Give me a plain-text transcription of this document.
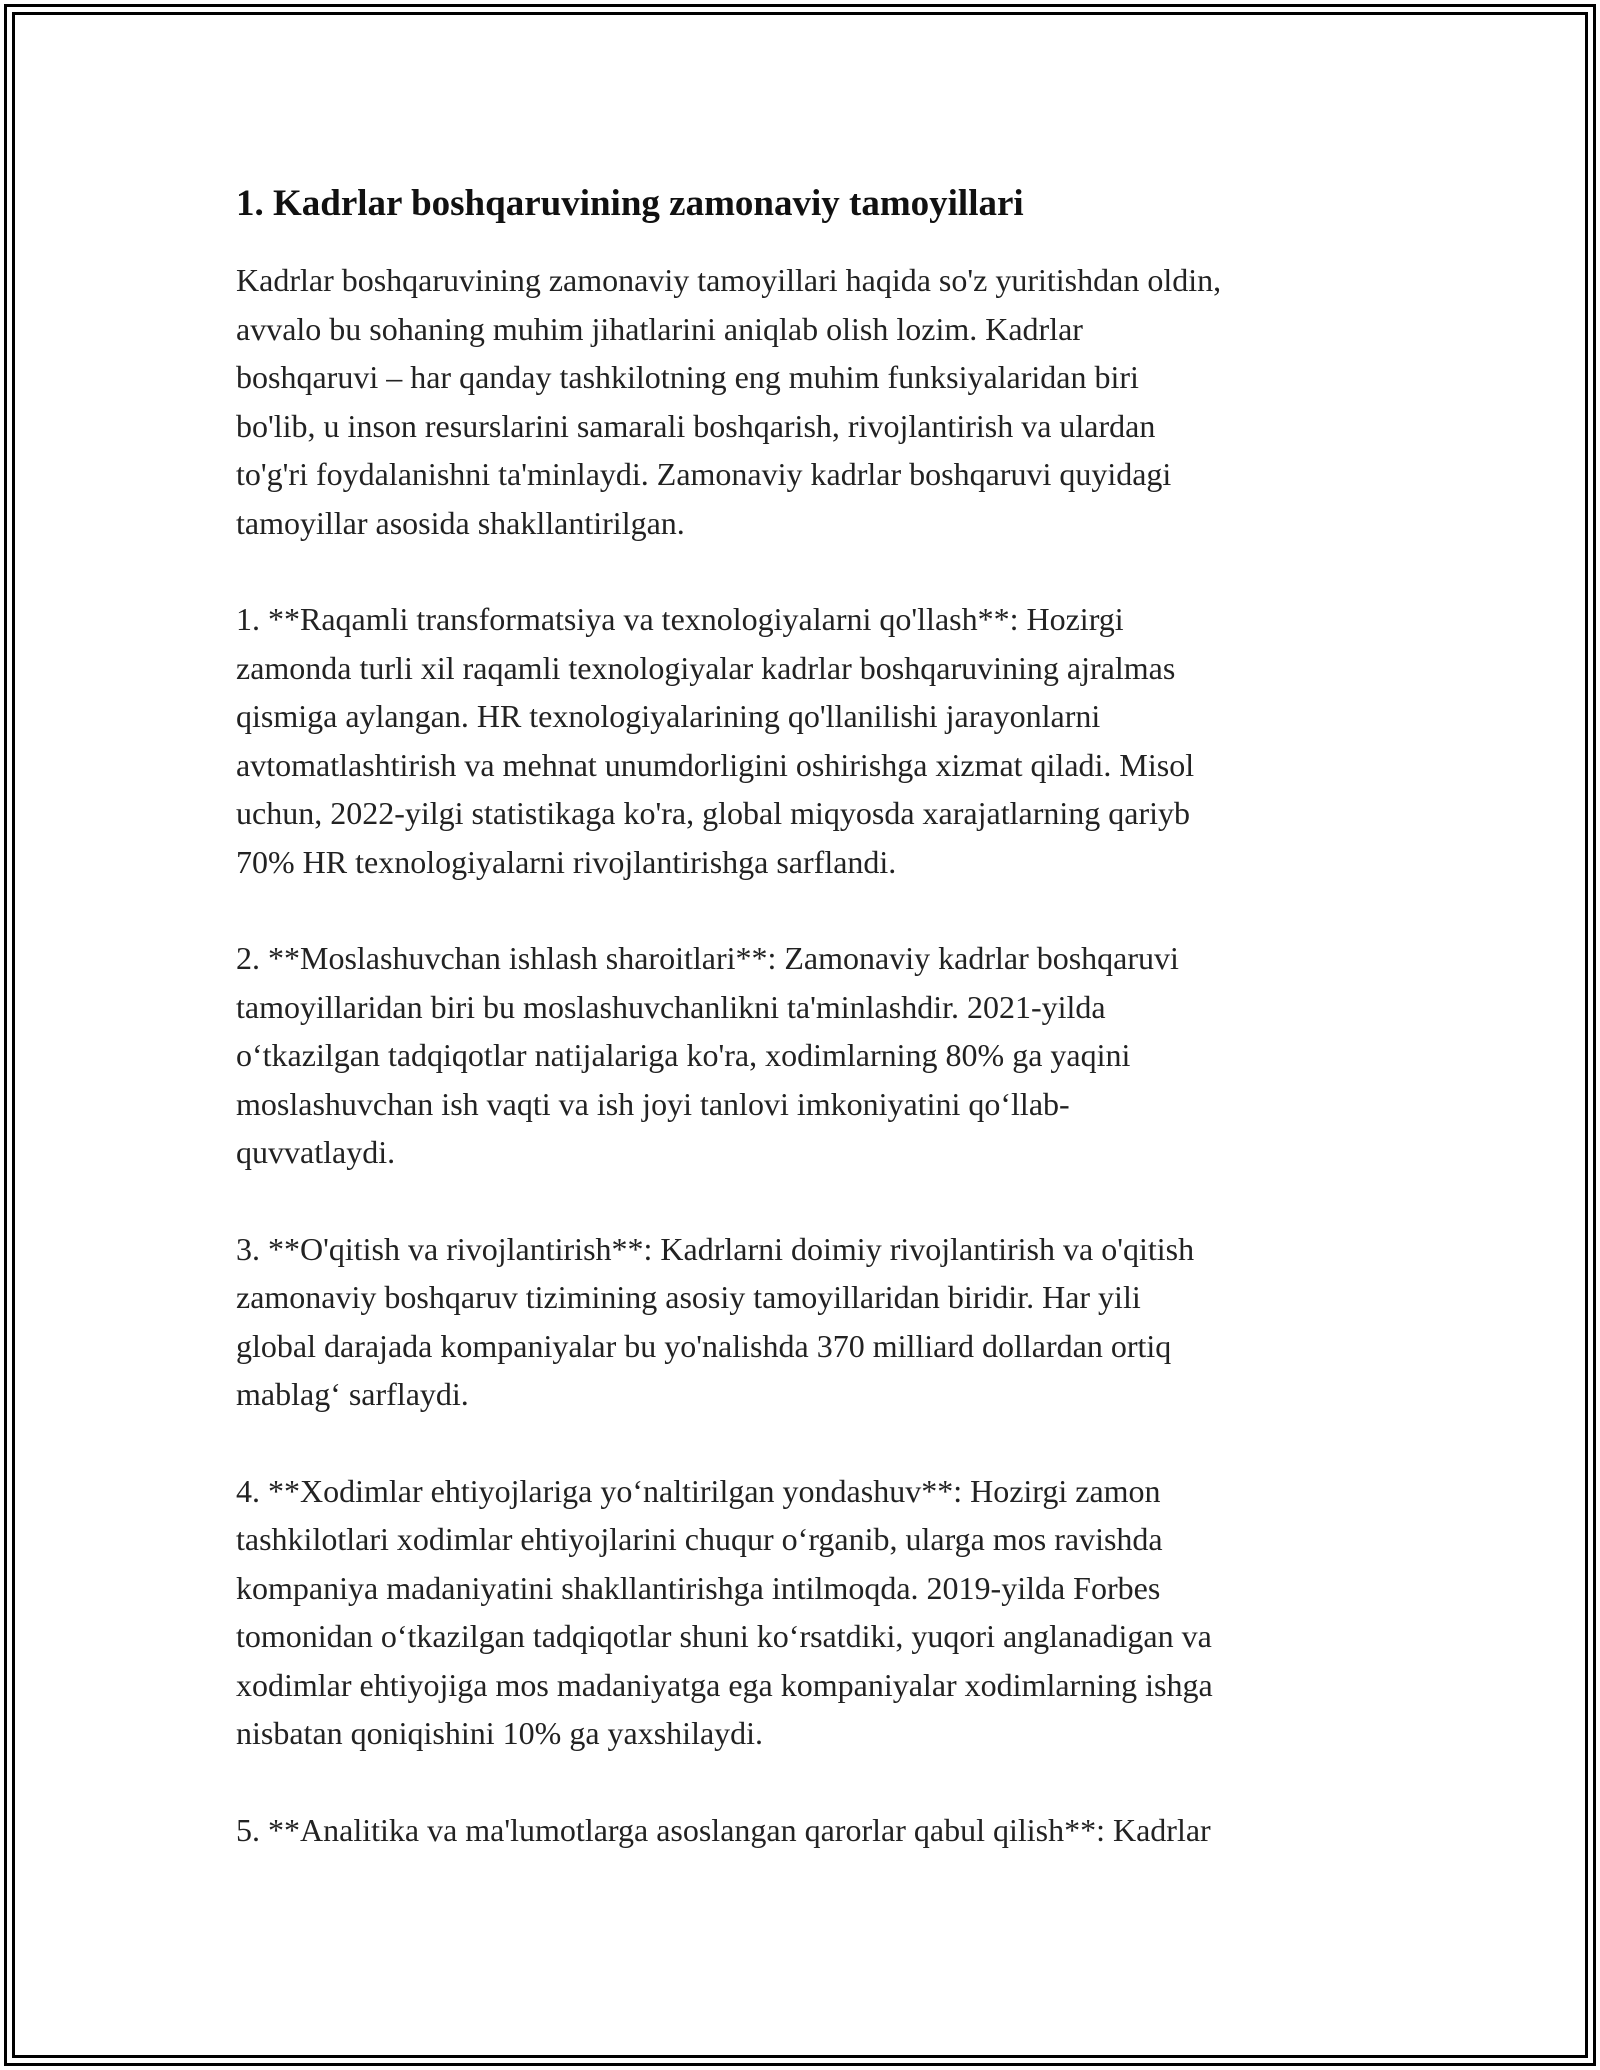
1. Kadrlar boshqaruvining zamonaviy tamoyillari

Kadrlar boshqaruvining zamonaviy tamoyillari haqida so'z yuritishdan oldin,
avvalo bu sohaning muhim jihatlarini aniqlab olish lozim. Kadrlar
boshqaruvi – har qanday tashkilotning eng muhim funksiyalaridan biri
bo'lib, u inson resurslarini samarali boshqarish, rivojlantirish va ulardan
to'g'ri foydalanishni ta'minlaydi. Zamonaviy kadrlar boshqaruvi quyidagi
tamoyillar asosida shakllantirilgan.

1. **Raqamli transformatsiya va texnologiyalarni qo'llash**: Hozirgi
zamonda turli xil raqamli texnologiyalar kadrlar boshqaruvining ajralmas
qismiga aylangan. HR texnologiyalarining qo'llanilishi jarayonlarni
avtomatlashtirish va mehnat unumdorligini oshirishga xizmat qiladi. Misol
uchun, 2022-yilgi statistikaga ko'ra, global miqyosda xarajatlarning qariyb
70% HR texnologiyalarni rivojlantirishga sarflandi.

2. **Moslashuvchan ishlash sharoitlari**: Zamonaviy kadrlar boshqaruvi
tamoyillaridan biri bu moslashuvchanlikni ta'minlashdir. 2021-yilda
oʻtkazilgan tadqiqotlar natijalariga ko'ra, xodimlarning 80% ga yaqini
moslashuvchan ish vaqti va ish joyi tanlovi imkoniyatini qoʻllab-
quvvatlaydi.

3. **O'qitish va rivojlantirish**: Kadrlarni doimiy rivojlantirish va o'qitish
zamonaviy boshqaruv tizimining asosiy tamoyillaridan biridir. Har yili
global darajada kompaniyalar bu yo'nalishda 370 milliard dollardan ortiq
mablagʻ sarflaydi.

4. **Xodimlar ehtiyojlariga yoʻnaltirilgan yondashuv**: Hozirgi zamon
tashkilotlari xodimlar ehtiyojlarini chuqur oʻrganib, ularga mos ravishda
kompaniya madaniyatini shakllantirishga intilmoqda. 2019-yilda Forbes
tomonidan oʻtkazilgan tadqiqotlar shuni koʻrsatdiki, yuqori anglanadigan va
xodimlar ehtiyojiga mos madaniyatga ega kompaniyalar xodimlarning ishga
nisbatan qoniqishini 10% ga yaxshilaydi.

5. **Analitika va ma'lumotlarga asoslangan qarorlar qabul qilish**: Kadrlar
